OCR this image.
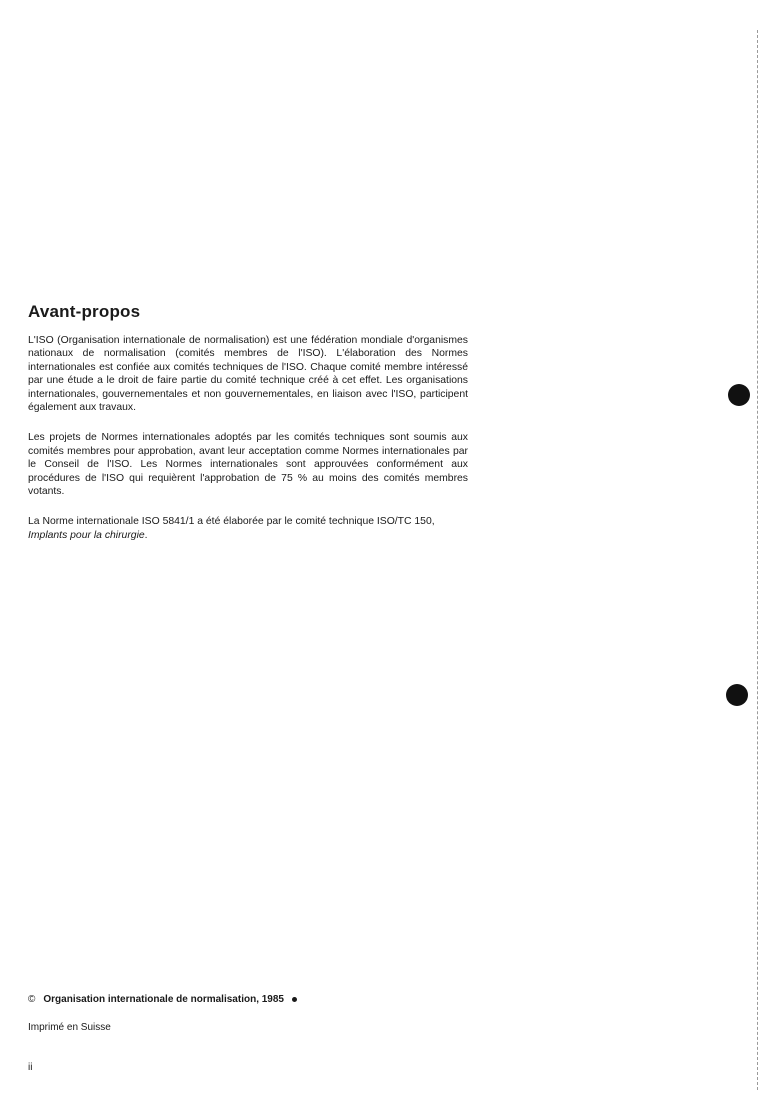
Avant-propos

L'ISO (Organisation internationale de normalisation) est une fédération mondiale d'organismes nationaux de normalisation (comités membres de l'ISO). L'élaboration des Normes internationales est confiée aux comités techniques de l'ISO. Chaque comité membre intéressé par une étude a le droit de faire partie du comité technique créé à cet effet. Les organisations internationales, gouvernementales et non gouvernementales, en liaison avec l'ISO, participent également aux travaux.

Les projets de Normes internationales adoptés par les comités techniques sont soumis aux comités membres pour approbation, avant leur acceptation comme Normes internationales par le Conseil de l'ISO. Les Normes internationales sont approuvées conformément aux procédures de l'ISO qui requièrent l'approbation de 75 % au moins des comités membres votants.

La Norme internationale ISO 5841/1 a été élaborée par le comité technique ISO/TC 150, Implants pour la chirurgie.

© Organisation internationale de normalisation, 1985
Imprimé en Suisse
ii
